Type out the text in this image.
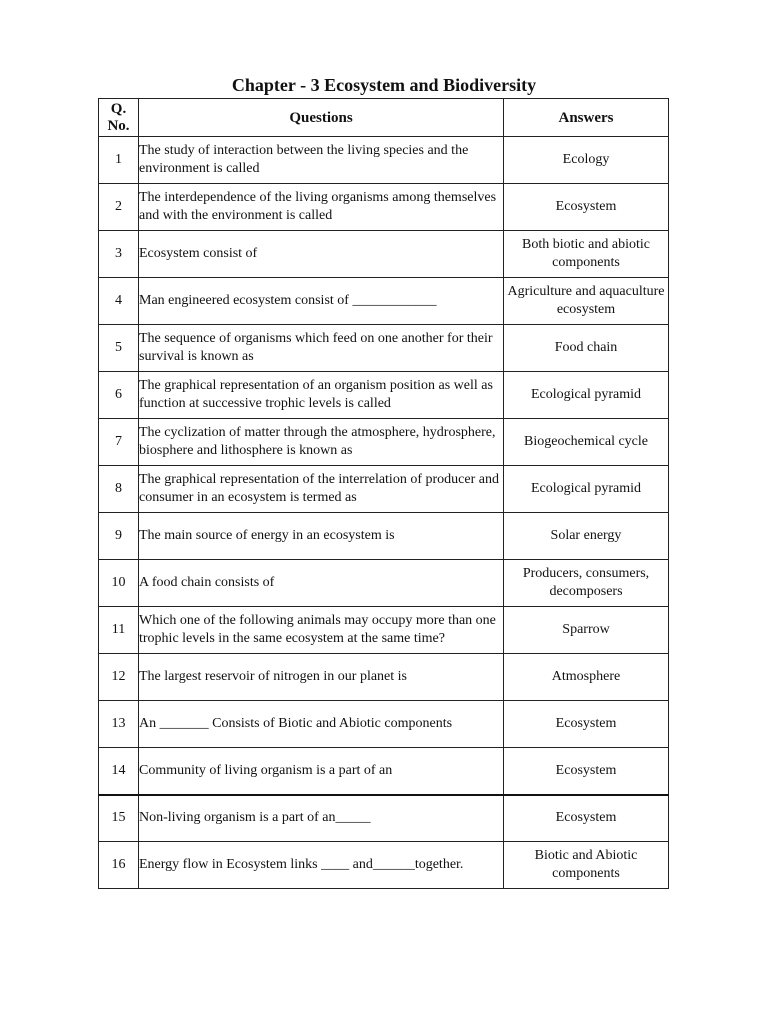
Chapter - 3 Ecosystem and Biodiversity
Q. No.	Questions	Answers
1	The study of interaction between the living species and the environment is called	Ecology
2	The interdependence of the living organisms among themselves and with the environment is called	Ecosystem
3	Ecosystem consist of	Both biotic and abiotic components
4	Man engineered ecosystem consist of ____________	Agriculture and aquaculture ecosystem
5	The sequence of organisms which feed on one another for their survival is known as	Food chain
6	The graphical representation of an organism position as well as function at successive trophic levels is called	Ecological pyramid
7	The cyclization of matter through the atmosphere, hydrosphere, biosphere and lithosphere is known as	Biogeochemical cycle
8	The graphical representation of the interrelation of producer and consumer in an ecosystem is termed as	Ecological pyramid
9	The main source of energy in an ecosystem is	Solar energy
10	A food chain consists of	Producers, consumers, decomposers
11	Which one of the following animals may occupy more than one trophic levels in the same ecosystem at the same time?	Sparrow
12	The largest reservoir of nitrogen in our planet is	Atmosphere
13	An _______ Consists of Biotic and Abiotic components	Ecosystem
14	Community of living organism is a part of an	Ecosystem
15	Non-living organism is a part of an_____	Ecosystem
16	Energy flow in Ecosystem links ____ and______together.	Biotic and Abiotic components
